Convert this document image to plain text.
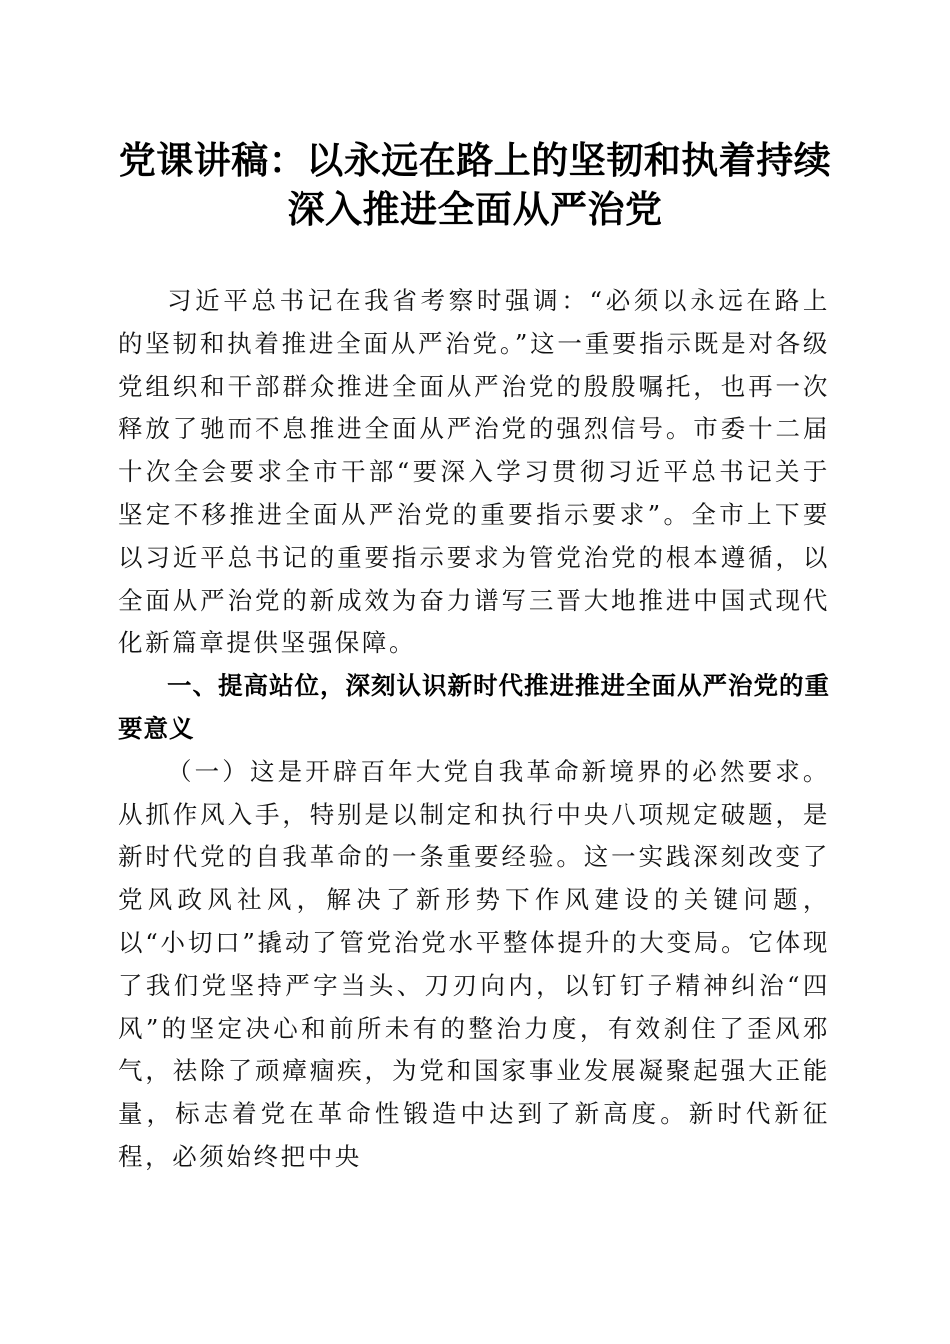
党课讲稿：以永远在路上的坚韧和执着持续深入推进全面从严治党

习近平总书记在我省考察时强调：“必须以永远在路上的坚韧和执着推进全面从严治党。”这一重要指示既是对各级党组织和干部群众推进全面从严治党的殷殷嘱托，也再一次释放了驰而不息推进全面从严治党的强烈信号。市委十二届十次全会要求全市干部“要深入学习贯彻习近平总书记关于坚定不移推进全面从严治党的重要指示要求”。全市上下要以习近平总书记的重要指示要求为管党治党的根本遵循，以全面从严治党的新成效为奋力谱写三晋大地推进中国式现代化新篇章提供坚强保障。

一、提高站位，深刻认识新时代推进推进全面从严治党的重要意义

（一）这是开辟百年大党自我革命新境界的必然要求。从抓作风入手，特别是以制定和执行中央八项规定破题，是新时代党的自我革命的一条重要经验。这一实践深刻改变了党风政风社风，解决了新形势下作风建设的关键问题，以“小切口”撬动了管党治党水平整体提升的大变局。它体现了我们党坚持严字当头、刀刃向内，以钉钉子精神纠治“四风”的坚定决心和前所未有的整治力度，有效刹住了歪风邪气，祛除了顽瘴痼疾，为党和国家事业发展凝聚起强大正能量，标志着党在革命性锻造中达到了新高度。新时代新征程，必须始终把中央
